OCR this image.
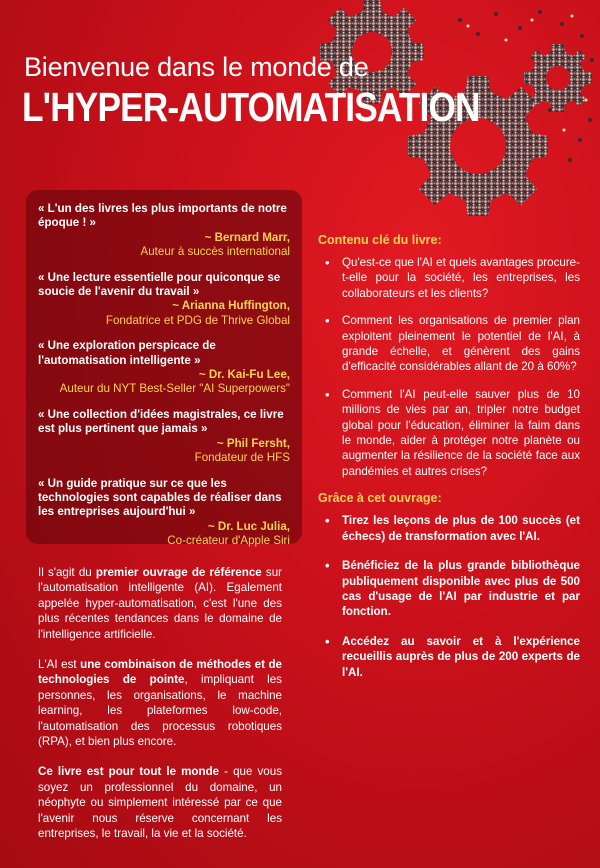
Bienvenue dans le monde de
L'HYPER-AUTOMATISATION
« L'un des livres les plus importants de notre époque ! »
~ Bernard Marr,
Auteur à succès international
« Une lecture essentielle pour quiconque se soucie de l'avenir du travail »
~ Arianna Huffington,
Fondatrice et PDG de Thrive Global
« Une exploration perspicace de l'automatisation intelligente »
~ Dr. Kai-Fu Lee,
Auteur du NYT Best-Seller "AI Superpowers"
« Une collection d'idées magistrales, ce livre est plus pertinent que jamais »
~ Phil Fersht,
Fondateur de HFS
« Un guide pratique sur ce que les technologies sont capables de réaliser dans les entreprises aujourd'hui »
~ Dr. Luc Julia,
Co-créateur d'Apple Siri
Contenu clé du livre:
• Qu'est-ce que l'AI et quels avantages procure-t-elle pour la société, les entreprises, les collaborateurs et les clients?
• Comment les organisations de premier plan exploitent pleinement le potentiel de l'AI, à grande échelle, et génèrent des gains d'efficacité considérables allant de 20 à 60%?
• Comment l'AI peut-elle sauver plus de 10 millions de vies par an, tripler notre budget global pour l'éducation, éliminer la faim dans le monde, aider à protéger notre planète ou augmenter la résilience de la société face aux pandémies et autres crises?
Grâce à cet ouvrage:
• Tirez les leçons de plus de 100 succès (et échecs) de transformation avec l'AI.
• Bénéficiez de la plus grande bibliothèque publiquement disponible avec plus de 500 cas d'usage de l'AI par industrie et par fonction.
• Accédez au savoir et à l'expérience recueillis auprès de plus de 200 experts de l'AI.

Il s'agit du premier ouvrage de référence sur l'automatisation intelligente (AI). Egalement appelée hyper-automatisation, c'est l'une des plus récentes tendances dans le domaine de l'intelligence artificielle.

L'AI est une combinaison de méthodes et de technologies de pointe, impliquant les personnes, les organisations, le machine learning, les plateformes low-code, l'automatisation des processus robotiques (RPA), et bien plus encore.

Ce livre est pour tout le monde - que vous soyez un professionnel du domaine, un néophyte ou simplement intéressé par ce que l'avenir nous réserve concernant les entreprises, le travail, la vie et la société.
